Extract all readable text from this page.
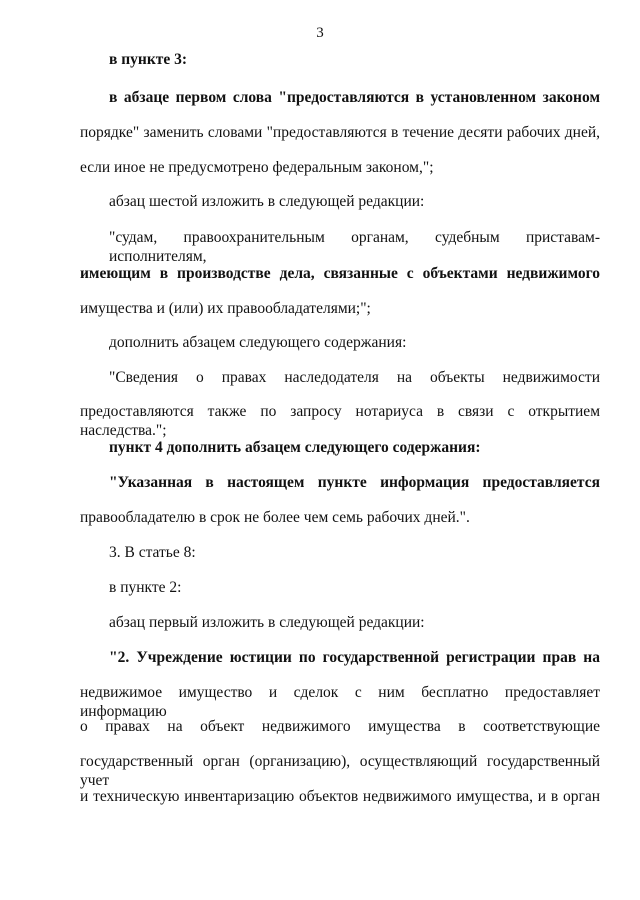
3
в пункте 3:
в абзаце первом слова "предоставляются в установленном законом
порядке" заменить словами "предоставляются в течение десяти рабочих дней,
если иное не предусмотрено федеральным законом,";
абзац шестой изложить в следующей редакции:
"судам, правоохранительным органам, судебным приставам-исполнителям,
имеющим в производстве дела, связанные с объектами недвижимого
имущества и (или) их правообладателями;";
дополнить абзацем следующего содержания:
"Сведения о правах наследодателя на объекты недвижимости
предоставляются также по запросу нотариуса в связи с открытием наследства.";
пункт 4 дополнить абзацем следующего содержания:
"Указанная в настоящем пункте информация предоставляется
правообладателю в срок не более чем семь рабочих дней.".
3. В статье 8:
в пункте 2:
абзац первый изложить в следующей редакции:
"2. Учреждение юстиции по государственной регистрации прав на
недвижимое имущество и сделок с ним бесплатно предоставляет информацию
о правах на объект недвижимого имущества в соответствующие
государственный орган (организацию), осуществляющий государственный учет
и техническую инвентаризацию объектов недвижимого имущества, и в орган
